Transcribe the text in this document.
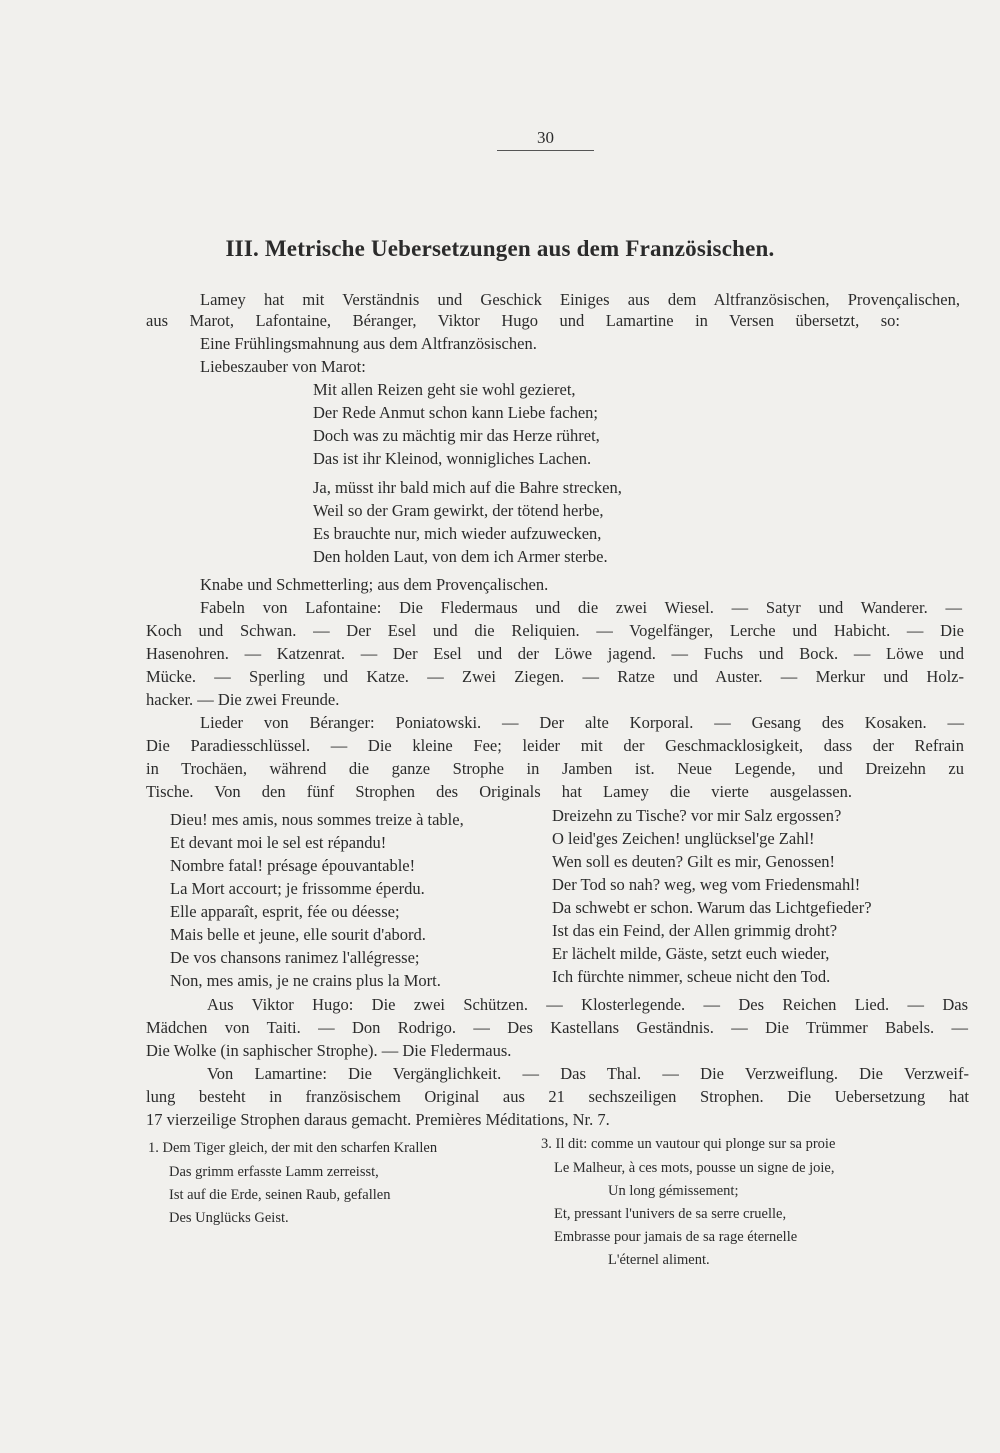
30
III. Metrische Uebersetzungen aus dem Französischen.
Lamey hat mit Verständnis und Geschick Einiges aus dem Altfranzösischen, Provençalischen,
aus Marot, Lafontaine, Béranger, Viktor Hugo und Lamartine in Versen übersetzt, so:
Eine Frühlingsmahnung aus dem Altfranzösischen.
Liebeszauber von Marot:
Mit allen Reizen geht sie wohl gezieret,
Der Rede Anmut schon kann Liebe fachen;
Doch was zu mächtig mir das Herze rühret,
Das ist ihr Kleinod, wonnigliches Lachen.
Ja, müsst ihr bald mich auf die Bahre strecken,
Weil so der Gram gewirkt, der tötend herbe,
Es brauchte nur, mich wieder aufzuwecken,
Den holden Laut, von dem ich Armer sterbe.
Knabe und Schmetterling; aus dem Provençalischen.
Fabeln von Lafontaine: Die Fledermaus und die zwei Wiesel. — Satyr und Wanderer. —
Koch und Schwan. — Der Esel und die Reliquien. — Vogelfänger, Lerche und Habicht. — Die
Hasenohren. — Katzenrat. — Der Esel und der Löwe jagend. — Fuchs und Bock. — Löwe und
Mücke. — Sperling und Katze. — Zwei Ziegen. — Ratze und Auster. — Merkur und Holz-
hacker. — Die zwei Freunde.
Lieder von Béranger: Poniatowski. — Der alte Korporal. — Gesang des Kosaken. —
Die Paradiesschlüssel. — Die kleine Fee; leider mit der Geschmacklosigkeit, dass der Refrain
in Trochäen, während die ganze Strophe in Jamben ist. Neue Legende, und Dreizehn zu
Tische. Von den fünf Strophen des Originals hat Lamey die vierte ausgelassen.
Dieu! mes amis, nous sommes treize à table,
Et devant moi le sel est répandu!
Nombre fatal! présage épouvantable!
La Mort accourt; je frissomme éperdu.
Elle apparaît, esprit, fée ou déesse;
Mais belle et jeune, elle sourit d'abord.
De vos chansons ranimez l'allégresse;
Non, mes amis, je ne crains plus la Mort.
Dreizehn zu Tische? vor mir Salz ergossen?
O leid'ges Zeichen! unglücksel'ge Zahl!
Wen soll es deuten? Gilt es mir, Genossen!
Der Tod so nah? weg, weg vom Friedensmahl!
Da schwebt er schon. Warum das Lichtgefieder?
Ist das ein Feind, der Allen grimmig droht?
Er lächelt milde, Gäste, setzt euch wieder,
Ich fürchte nimmer, scheue nicht den Tod.
Aus Viktor Hugo: Die zwei Schützen. — Klosterlegende. — Des Reichen Lied. — Das
Mädchen von Taiti. — Don Rodrigo. — Des Kastellans Geständnis. — Die Trümmer Babels. —
Die Wolke (in saphischer Strophe). — Die Fledermaus.
Von Lamartine: Die Vergänglichkeit. — Das Thal. — Die Verzweiflung. Die Verzweif-
lung besteht in französischem Original aus 21 sechszeiligen Strophen. Die Uebersetzung hat
17 vierzeilige Strophen daraus gemacht. Premières Méditations, Nr. 7.
1. Dem Tiger gleich, der mit den scharfen Krallen
Das grimm erfasste Lamm zerreisst,
Ist auf die Erde, seinen Raub, gefallen
Des Unglücks Geist.
3. Il dit: comme un vautour qui plonge sur sa proie
Le Malheur, à ces mots, pousse un signe de joie,
Un long gémissement;
Et, pressant l'univers de sa serre cruelle,
Embrasse pour jamais de sa rage éternelle
L'éternel aliment.
